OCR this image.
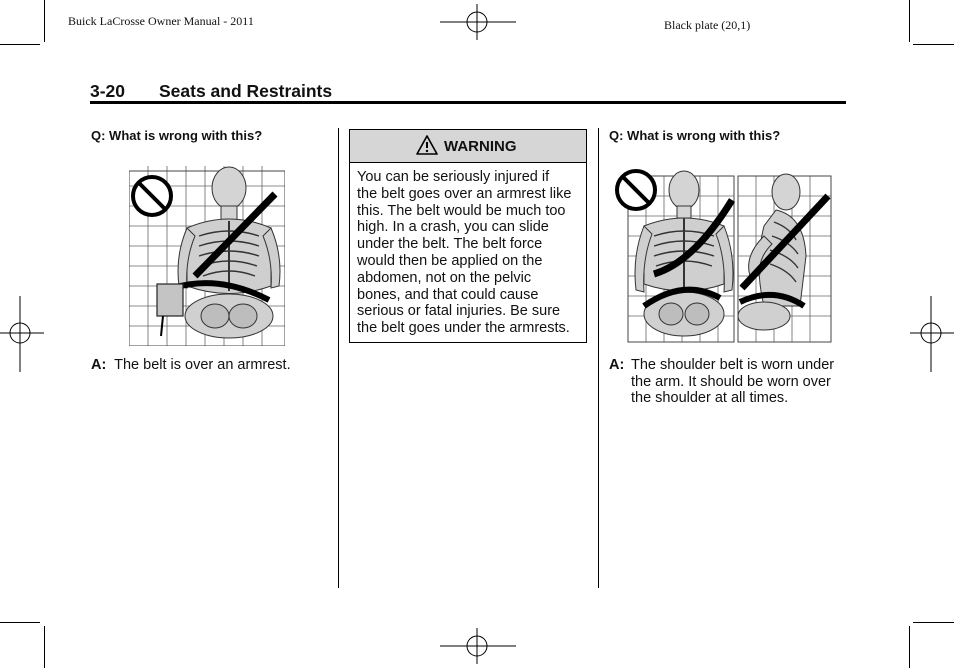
Buick LaCrosse Owner Manual - 2011	Black plate (20,1)
3-20 Seats and Restraints
Q: What is wrong with this?
A: The belt is over an armrest.
WARNING
You can be seriously injured if
the belt goes over an armrest like
this. The belt would be much too
high. In a crash, you can slide
under the belt. The belt force
would then be applied on the
abdomen, not on the pelvic
bones, and that could cause
serious or fatal injuries. Be sure
the belt goes under the armrests.
Q: What is wrong with this?
A: The shoulder belt is worn under
the arm. It should be worn over
the shoulder at all times.
